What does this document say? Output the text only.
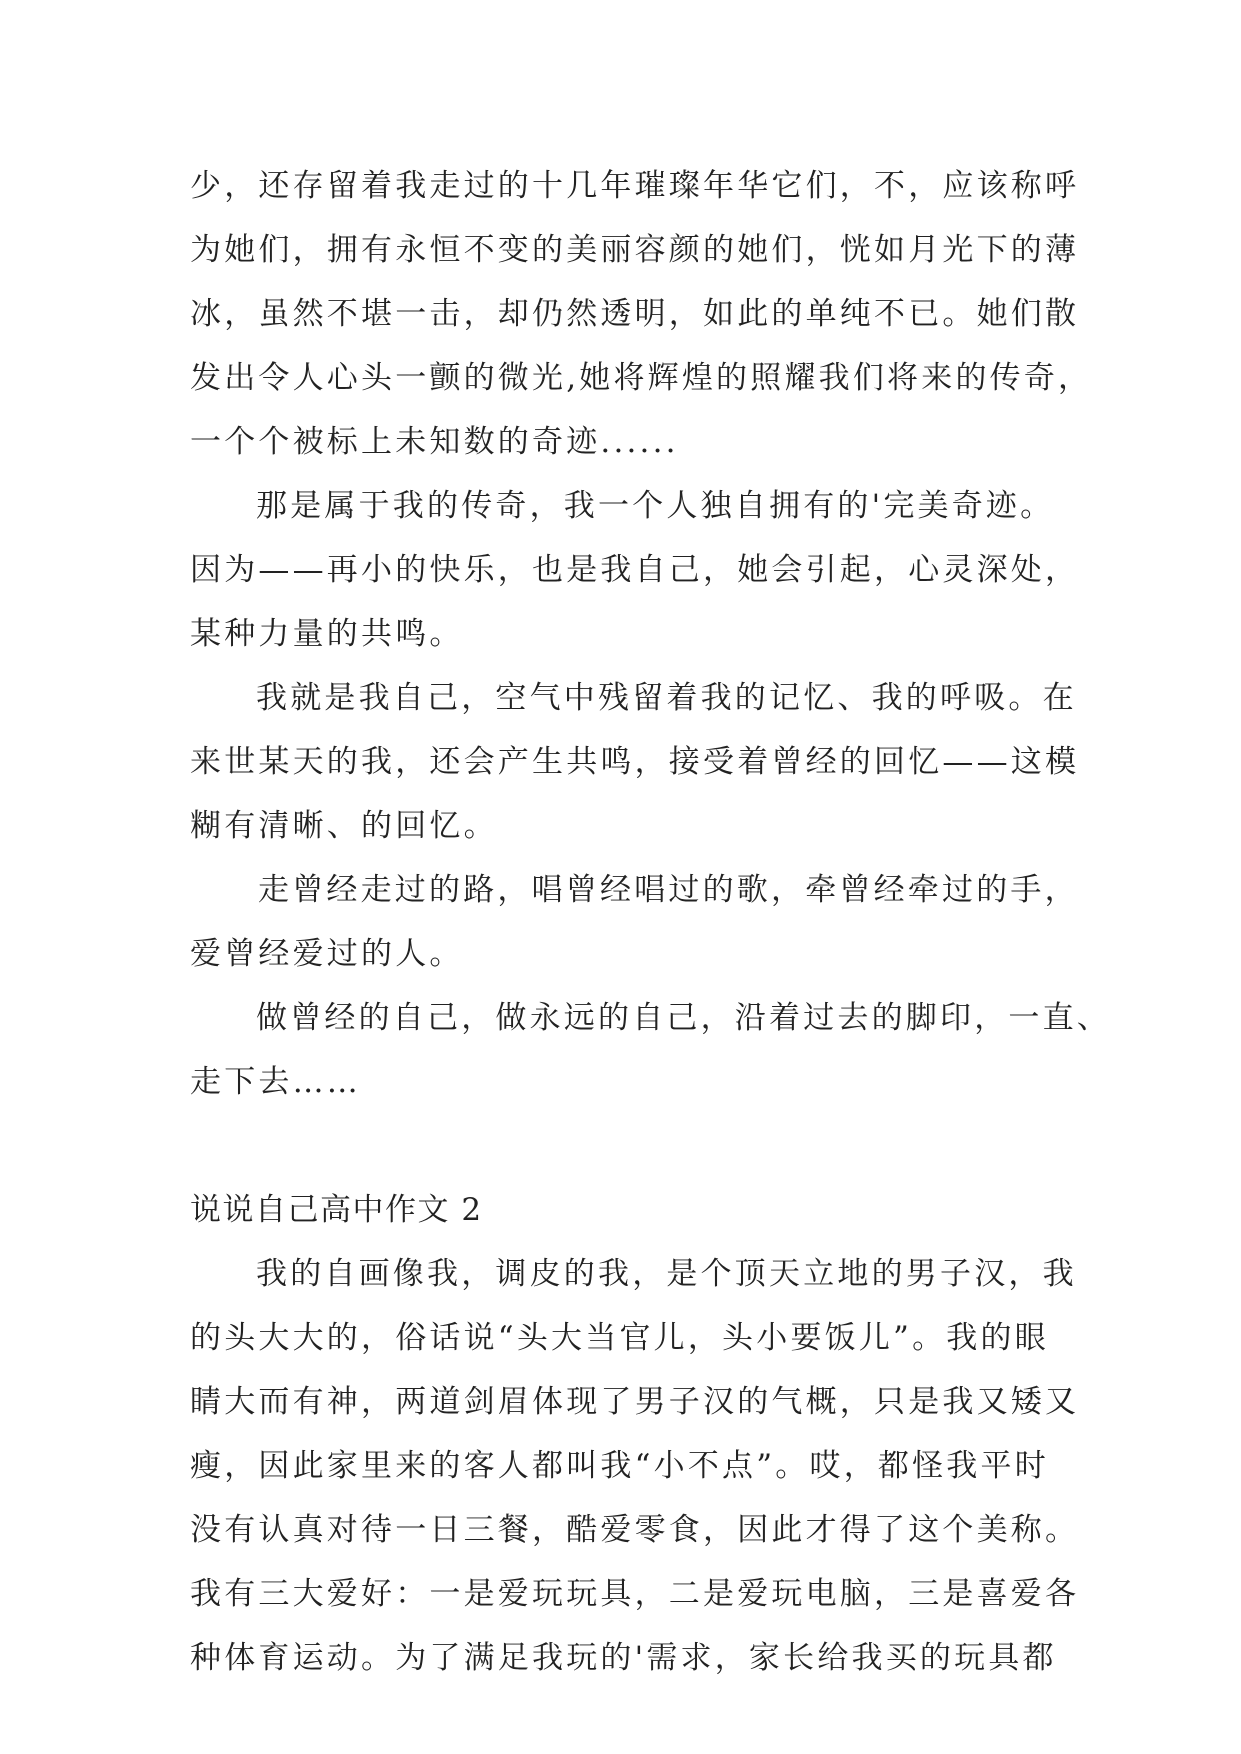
少，还存留着我走过的十几年璀璨年华它们，不，应该称呼
为她们，拥有永恒不变的美丽容颜的她们，恍如月光下的薄
冰，虽然不堪一击，却仍然透明，如此的单纯不已。她们散
发出令人心头一颤的微光,她将辉煌的照耀我们将来的传奇，
一个个被标上未知数的奇迹......
那是属于我的传奇，我一个人独自拥有的'完美奇迹。
因为——再小的快乐，也是我自己，她会引起，心灵深处，
某种力量的共鸣。
我就是我自己，空气中残留着我的记忆、我的呼吸。在
来世某天的我，还会产生共鸣，接受着曾经的回忆——这模
糊有清晰、的回忆。
走曾经走过的路，唱曾经唱过的歌，牵曾经牵过的手，
爱曾经爱过的人。
做曾经的自己，做永远的自己，沿着过去的脚印，一直、
走下去……
说说自己高中作文 2
我的自画像我，调皮的我，是个顶天立地的男子汉，我
的头大大的，俗话说“头大当官儿，头小要饭儿”。我的眼
睛大而有神，两道剑眉体现了男子汉的气概，只是我又矮又
瘦，因此家里来的客人都叫我“小不点”。哎，都怪我平时
没有认真对待一日三餐，酷爱零食，因此才得了这个美称。
我有三大爱好：一是爱玩玩具，二是爱玩电脑，三是喜爱各
种体育运动。为了满足我玩的'需求，家长给我买的玩具都
